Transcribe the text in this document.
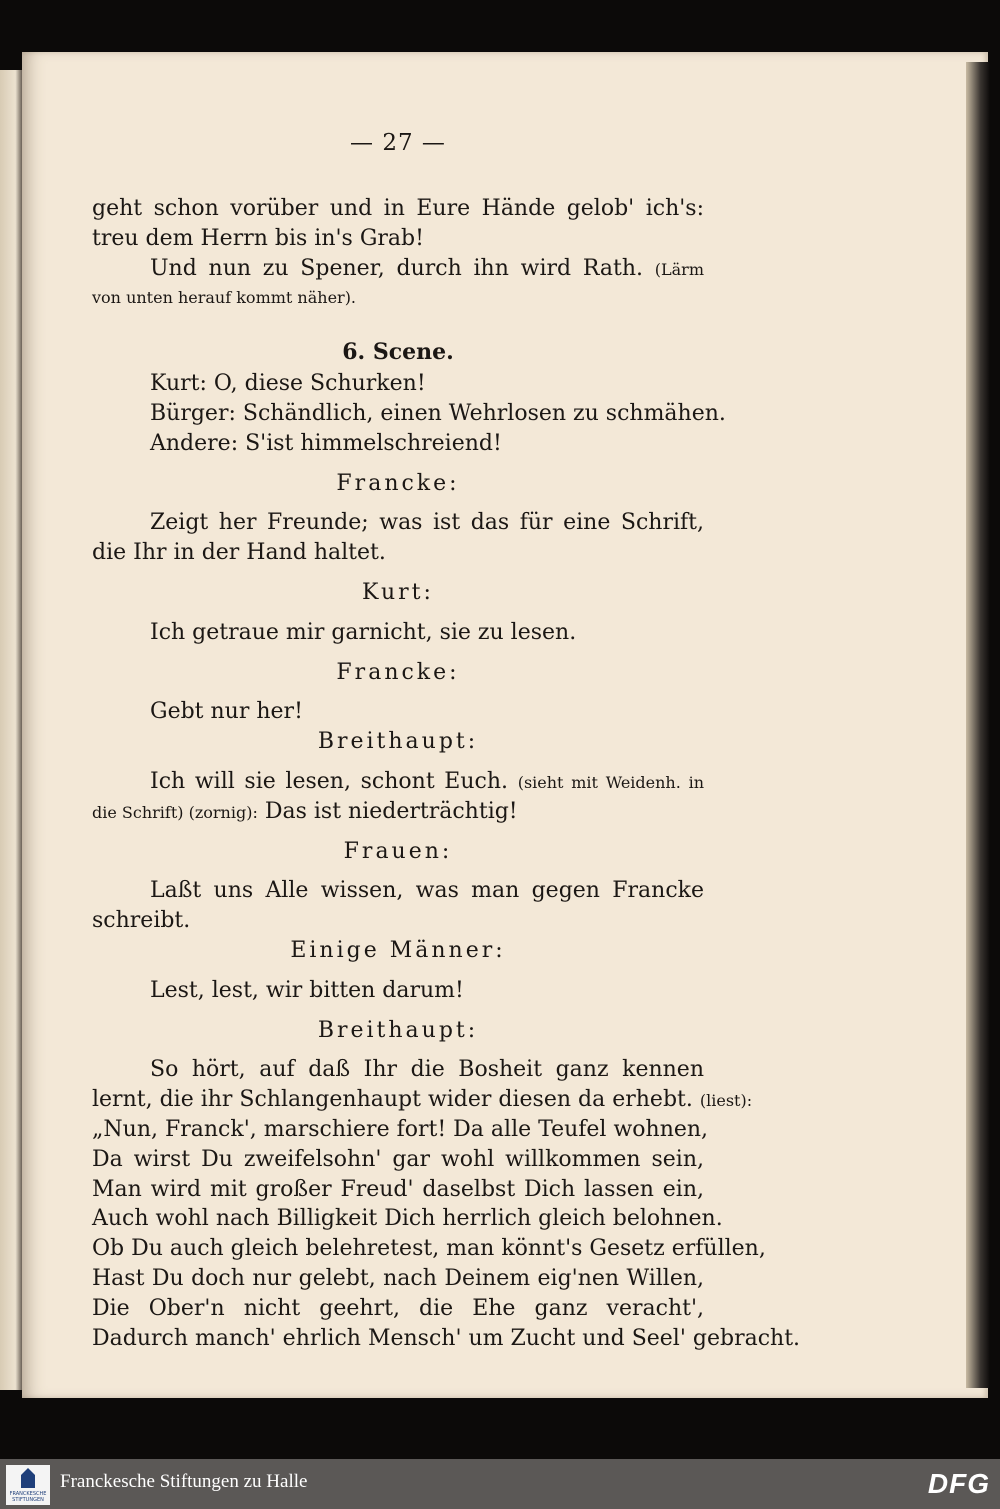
— 27 —
geht schon vorüber und in Eure Hände gelob' ich's:
treu dem Herrn bis in's Grab!
Und nun zu Spener, durch ihn wird Rath. (Lärm
von unten herauf kommt näher).
6. Scene.
Kurt: O, diese Schurken!
Bürger: Schändlich, einen Wehrlosen zu schmähen.
Andere: S'ist himmelschreiend!
Francke:
Zeigt her Freunde; was ist das für eine Schrift,
die Ihr in der Hand haltet.
Kurt:
Ich getraue mir garnicht, sie zu lesen.
Francke:
Gebt nur her!
Breithaupt:
Ich will sie lesen, schont Euch. (sieht mit Weidenh. in
die Schrift) (zornig): Das ist niederträchtig!
Frauen:
Laßt uns Alle wissen, was man gegen Francke
schreibt.
Einige Männer:
Lest, lest, wir bitten darum!
Breithaupt:
So hört, auf daß Ihr die Bosheit ganz kennen
lernt, die ihr Schlangenhaupt wider diesen da erhebt. (liest):
„Nun, Franck', marschiere fort! Da alle Teufel wohnen,
Da wirst Du zweifelsohn' gar wohl willkommen sein,
Man wird mit großer Freud' daselbst Dich lassen ein,
Auch wohl nach Billigkeit Dich herrlich gleich belohnen.
Ob Du auch gleich belehretest, man könnt's Gesetz erfüllen,
Hast Du doch nur gelebt, nach Deinem eig'nen Willen,
Die Ober'n nicht geehrt, die Ehe ganz veracht',
Dadurch manch' ehrlich Mensch' um Zucht und Seel' gebracht.
FRANCKESCHE STIFTUNGEN
Franckesche Stiftungen zu Halle	DFG
